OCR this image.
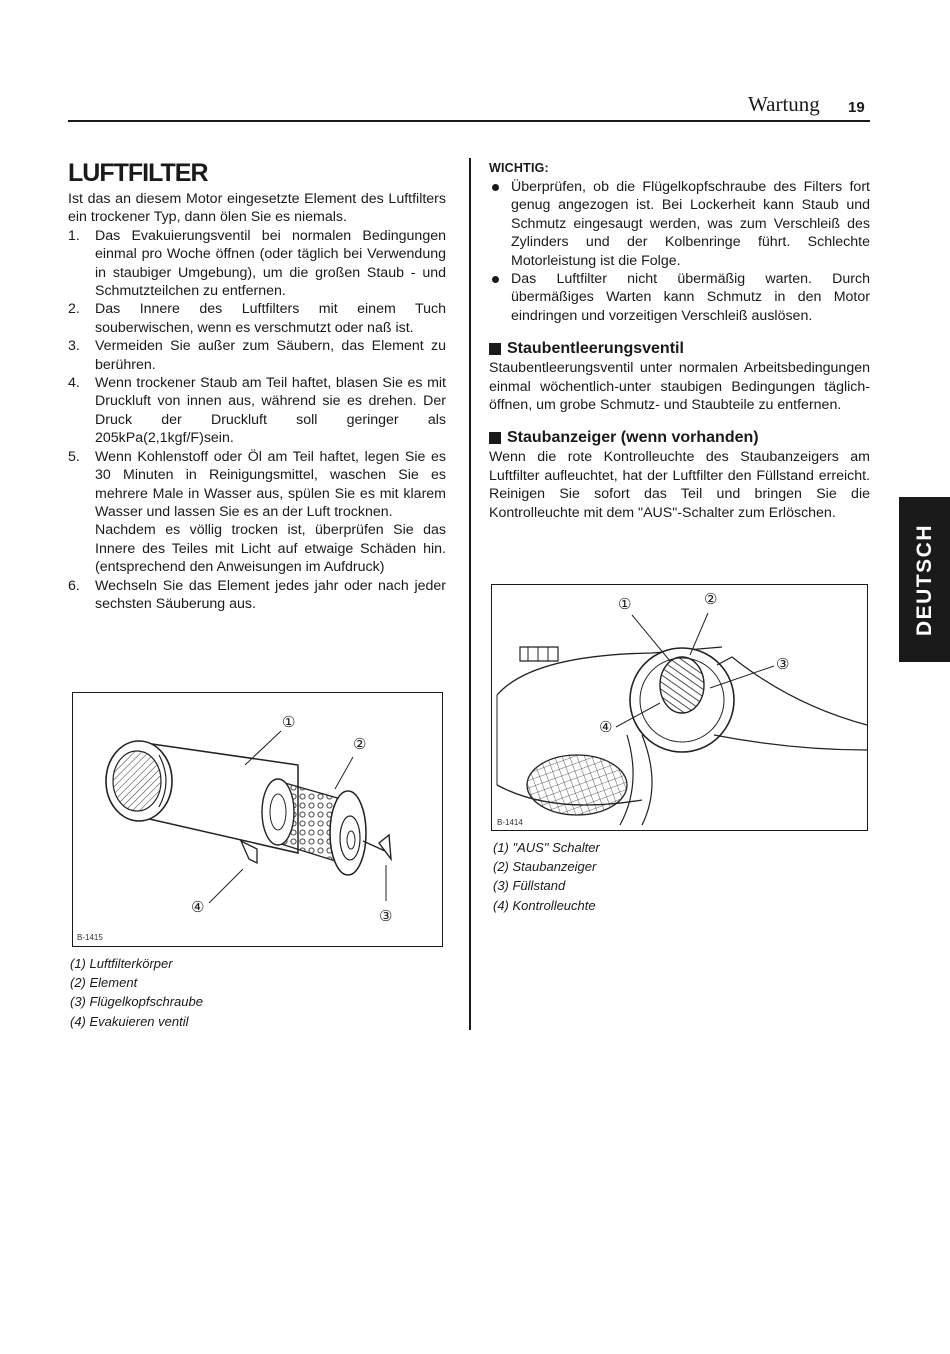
Wartung 19
LUFTFILTER

Ist das an diesem Motor eingesetzte Element des Luftfilters ein trockener Typ, dann ölen Sie es niemals.

1. Das Evakuierungsventil bei normalen Bedingungen einmal pro Woche öffnen (oder täglich bei Verwendung in staubiger Umgebung), um die großen Staub - und Schmutzteilchen zu entfernen.
2. Das Innere des Luftfilters mit einem Tuch souberwischen, wenn es verschmutzt oder naß ist.
3. Vermeiden Sie außer zum Säubern, das Element zu berühren.
4. Wenn trockener Staub am Teil haftet, blasen Sie es mit Druckluft von innen aus, während sie es drehen. Der Druck der Druckluft soll geringer als 205kPa(2,1kgf/F)sein.
5. Wenn Kohlenstoff oder Öl am Teil haftet, legen Sie es 30 Minuten in Reinigungsmittel, waschen Sie es mehrere Male in Wasser aus, spülen Sie es mit klarem Wasser und lassen Sie es an der Luft trocknen.
Nachdem es völlig trocken ist, überprüfen Sie das Innere des Teiles mit Licht auf etwaige Schäden hin. (entsprechend den Anweisungen im Aufdruck)
6. Wechseln Sie das Element jedes jahr oder nach jeder sechsten Säuberung aus.
①
②
③
④
B-1415
(1) Luftfilterkörper
(2) Element
(3) Flügelkopfschraube
(4) Evakuieren ventil
WICHTIG:
Überprüfen, ob die Flügelkopfschraube des Filters fort genug angezogen ist. Bei Lockerheit kann Staub und Schmutz eingesaugt werden, was zum Verschleiß des Zylinders und der Kolbenringe führt. Schlechte Motorleistung ist die Folge.
Das Luftfilter nicht übermäßig warten. Durch übermäßiges Warten kann Schmutz in den Motor eindringen und vorzeitigen Verschleiß auslösen.
Staubentleerungsventil

Staubentleerungsventil unter normalen Arbeitsbedingungen einmal wöchentlich-unter staubigen Bedingungen täglich-öffnen, um grobe Schmutz- und Staubteile zu entfernen.

Staubanzeiger (wenn vorhanden)

Wenn die rote Kontrolleuchte des Staubanzeigers am Luftfilter aufleuchtet, hat der Luftfilter den Füllstand erreicht. Reinigen Sie sofort das Teil und bringen Sie die Kontrolleuchte mit dem "AUS"-Schalter zum Erlöschen.

①	②
③
④
B-1414
(1) "AUS" Schalter
(2) Staubanzeiger
(3) Füllstand
(4) Kontrolleuchte
DEUTSCH
